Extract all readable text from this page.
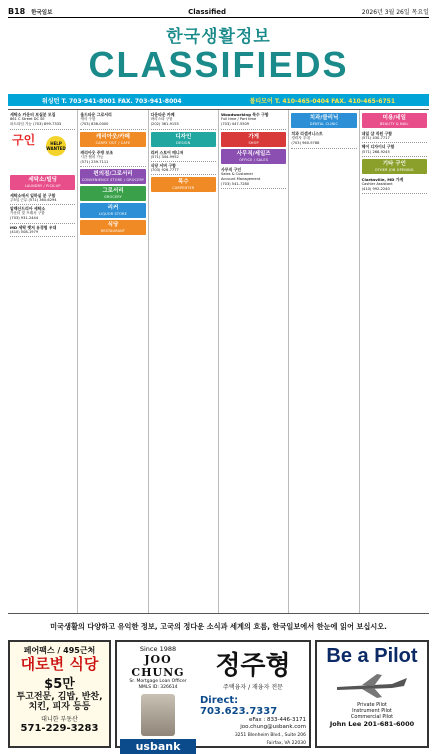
B18 한국일보	Classified	2026년 3월 26일 목요일
한국생활정보
CLASSIFIEDS
워싱턴 T. 703-941-8001 FAX. 703-941-8004	볼티모어 T. 410-465-0404 FAX. 410-465-6751

세탁소 카운터 보실분 모집

861 C Street DC SE

파트타임 가능 (703) 899-7333

구인	HELP WANTED
세탁소/빌딩
LAUNDRY / PICK-UP

세탁소에서 일하실 분 구함

주5일 근무 (571) 360-6294

알렉산드리아 세탁소

카운터 및 프레서 구함

(703) 931-2444

MD 세탁 렛저 유경험 우대

(410) 508-1979

올드타운 그로서리

캐셔 구함

(703) 836-0000

캐리아웃/카페
CARRY OUT / CAFE

캐리아웃 주방 보조

시간 협의 가능

(571) 239-7111

편의점/그로서리
CONVENIENCE STORE / GROCERY
그로서리
GROCERY
리커
LIQUOR STORE
식당
RESTAURANT

다운타운 카페

바리스타 구함

(202) 361-9155

디자인
DESIGN

리커 스토어 매니저

(571) 344-9952

식당 서버 구함

(703) 926-7777

목수
CARPENTER

Woodworking 목수 구함

Full time / Part time

(703) 447-5509

가게
SHOP
사무직/세일즈
OFFICE / SALES

사무직 구인

Sales & Customer

Account Management

(703) 541-7280

치과/클리닉
DENTAL CLINIC

치과 리셉셔니스트

경력자 우대

(703) 960-9788

미용/네일
BEAUTY & NAIL

네일 샵 직원 구함

(571) 430-7717

헤어 디자이너 구함

(571) 268-9245

기타 구인
OTHER JOB OPENING

Clarksville, MD 가게

Cashier Assistant

(410) 992-2240

미국생활의 다양하고 유익한 정보, 고국의 정다운 소식과 세계의 흐름, 한국일보에서 한눈에 읽어 보십시오.
페어팩스 / 495근처
대로변 식당
$5만
투고전문, 김밥, 반찬, 치킨, 피자 등등
대니한 부동산
571-229-3283
Since 1988
JOO CHUNG
Sr. Mortgage Loan Officer
NMLS ID: 326614
usbank
정주형
주택융자 / 재융자 전문
Direct: 703.623.7337
eFax : 833-446-3171
joo.chung@usbank.com
3251 Blenheim Blvd., Suite 206
Fairfax, VA 22030
Be a Pilot
Private Pilot
Instrument Pilot
Commercial Pilot
John Lee 201-681-6000
